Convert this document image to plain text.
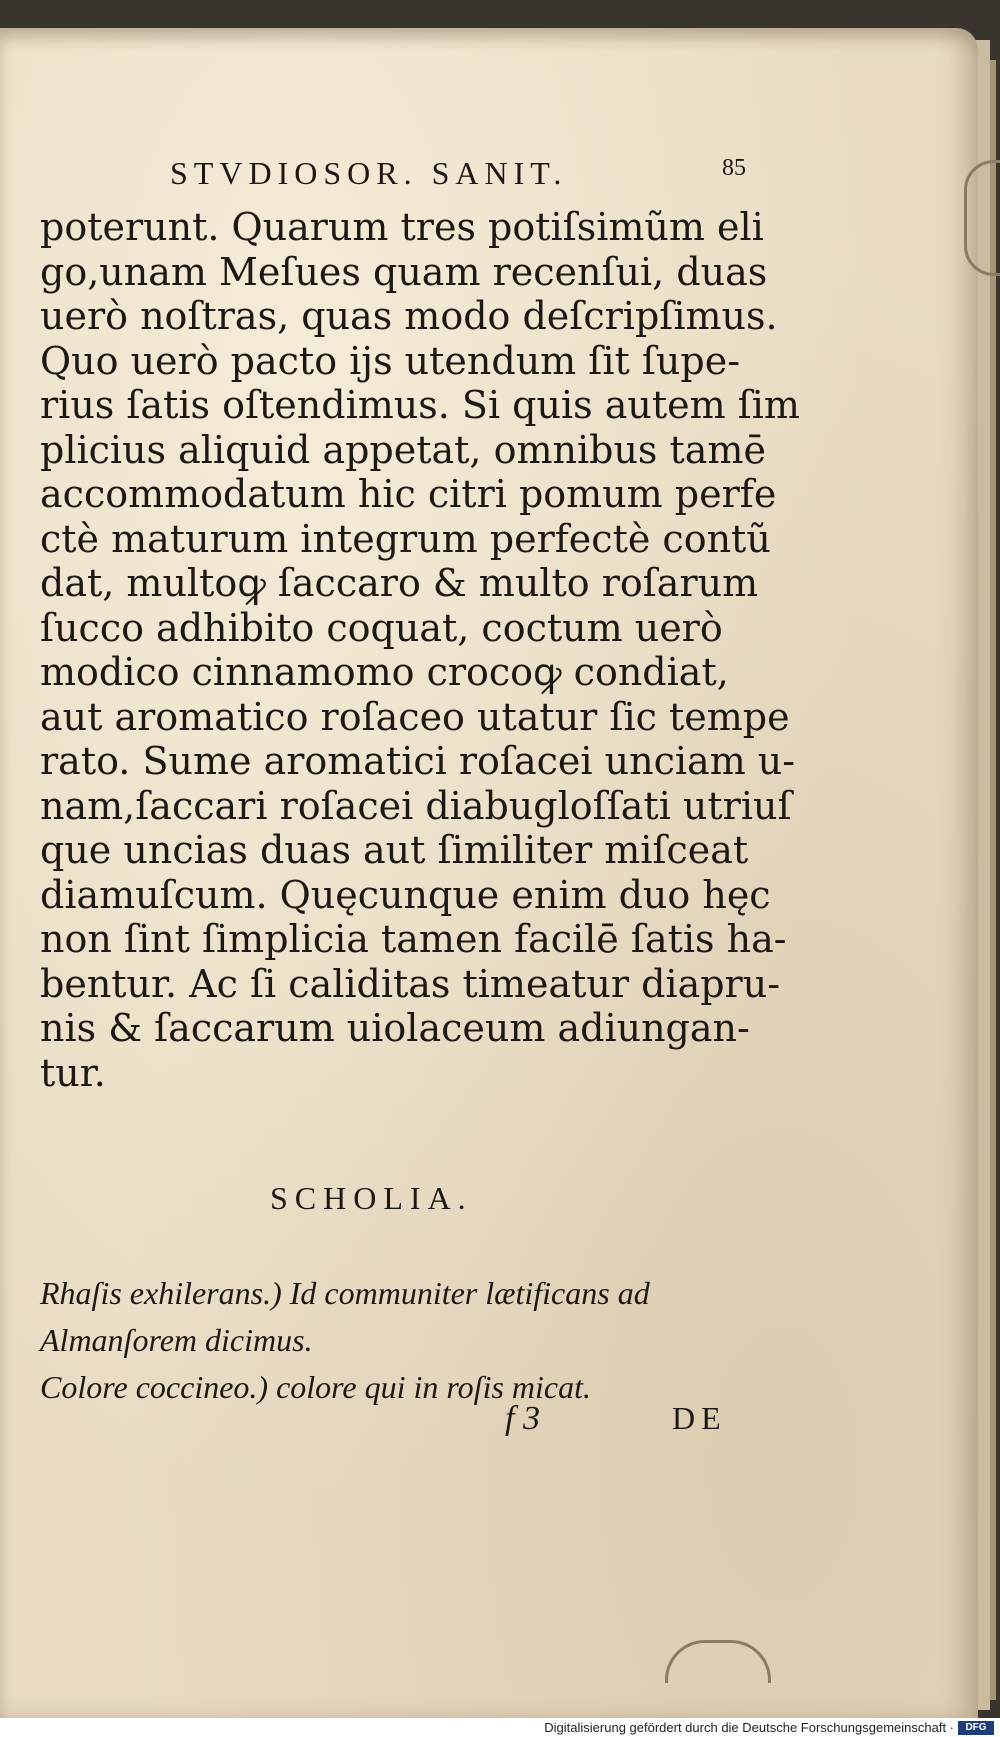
STVDIOSOR. SANIT.	85
poterunt. Quarum tres potiſsimũm eli
go,unam Meſues quam recenſui, duas
uerò noſtras, quas modo deſcripſimus.
Quo uerò pacto ijs utendum ſit ſupe-
rius ſatis oſtendimus. Si quis autem ſim
plicius aliquid appetat, omnibus tamē
accommodatum hic citri pomum perfe
ctè maturum integrum perfectè contũ
dat, multoꝙ ſaccaro & multo roſarum
ſucco adhibito coquat, coctum uerò
modico cinnamomo crocoꝙ condiat,
aut aromatico roſaceo utatur ſic tempe
rato. Sume aromatici roſacei unciam u-
nam,ſaccari roſacei diabugloſſati utriuſ
que uncias duas aut ſimiliter miſceat
diamuſcum. Quęcunque enim duo hęc
non ſint ſimplicia tamen facilē ſatis ha-
bentur. Ac ſi caliditas timeatur diapru-
nis & ſaccarum uiolaceum adiungan-
tur.
SCHOLIA.
Rhaſis exhilerans.) Id communiter lætificans ad
Almanſorem dicimus.
Colore coccineo.) colore qui in roſis micat.
f 3	DE
Digitalisierung gefördert durch die Deutsche Forschungsgemeinschaft ·	DFG
